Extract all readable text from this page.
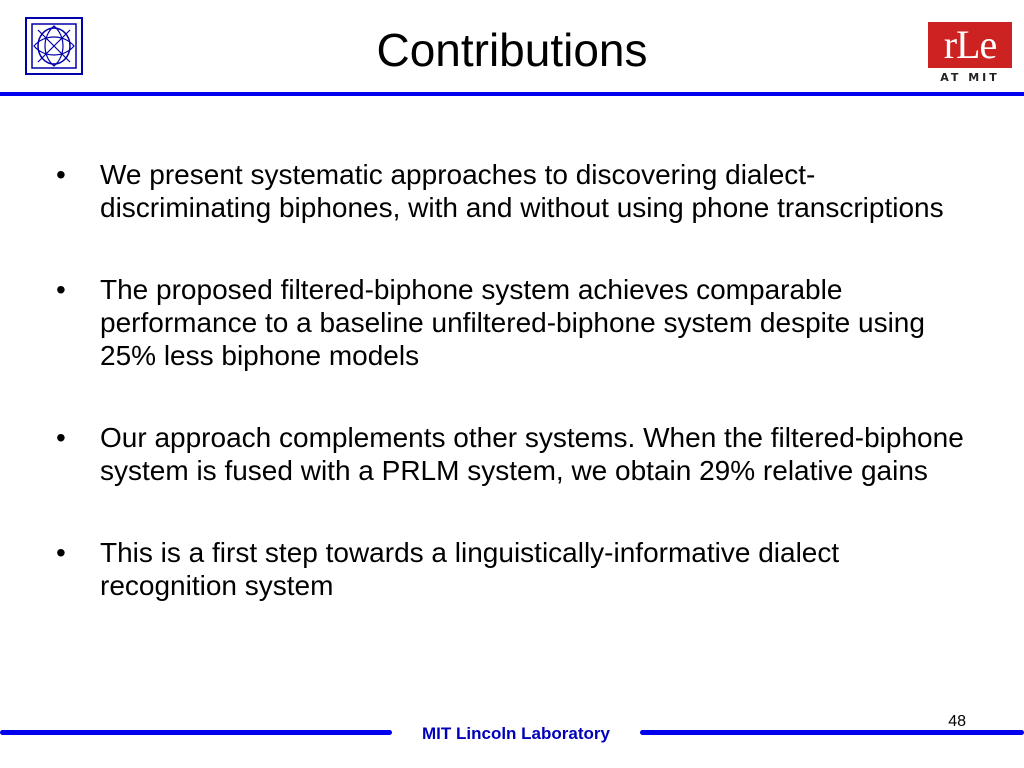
Contributions	rLe
AT MIT
•	We present systematic approaches to discovering dialect-discriminating biphones, with and without using phone transcriptions
•	The proposed filtered-biphone system achieves comparable performance to a baseline unfiltered-biphone system despite using 25% less biphone models
•	Our approach complements other systems. When the filtered-biphone system is fused with a PRLM system, we obtain 29% relative gains
•	This is a first step towards a linguistically-informative dialect recognition system
48
MIT Lincoln Laboratory
